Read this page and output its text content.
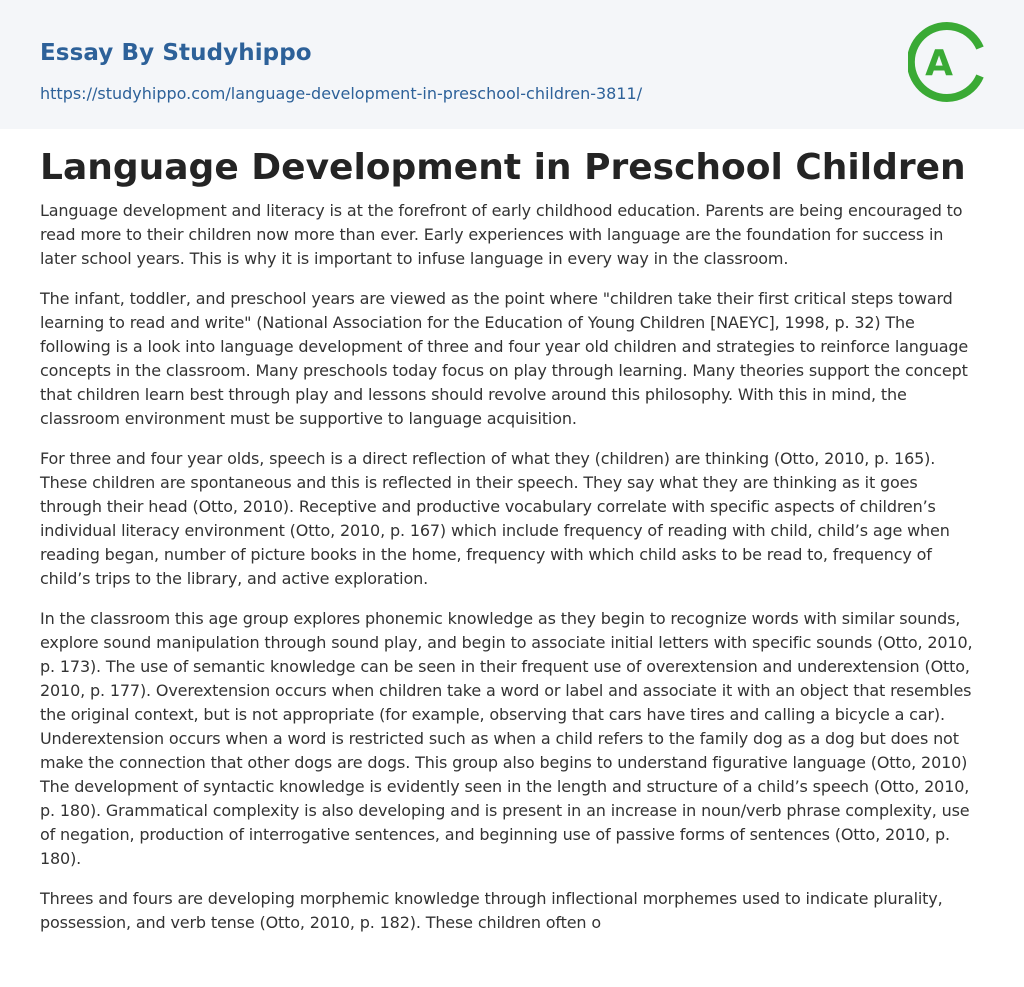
Essay By Studyhippo
https://studyhippo.com/language-development-in-preschool-children-3811/
A
Language Development in Preschool Children

Language development and literacy is at the forefront of early childhood education. Parents are being encouraged to read more to their children now more than ever. Early experiences with language are the foundation for success in later school years. This is why it is important to infuse language in every way in the classroom.

The infant, toddler, and preschool years are viewed as the point where "children take their first critical steps toward learning to read and write" (National Association for the Education of Young Children [NAEYC], 1998, p. 32) The following is a look into language development of three and four year old children and strategies to reinforce language concepts in the classroom. Many preschools today focus on play through learning. Many theories support the concept that children learn best through play and lessons should revolve around this philosophy. With this in mind, the classroom environment must be supportive to language acquisition.

For three and four year olds, speech is a direct reflection of what they (children) are thinking (Otto, 2010, p. 165). These children are spontaneous and this is reflected in their speech. They say what they are thinking as it goes through their head (Otto, 2010). Receptive and productive vocabulary correlate with specific aspects of children’s individual literacy environment (Otto, 2010, p. 167) which include frequency of reading with child, child’s age when reading began, number of picture books in the home, frequency with which child asks to be read to, frequency of child’s trips to the library, and active exploration.

In the classroom this age group explores phonemic knowledge as they begin to recognize words with similar sounds, explore sound manipulation through sound play, and begin to associate initial letters with specific sounds (Otto, 2010, p. 173). The use of semantic knowledge can be seen in their frequent use of overextension and underextension (Otto, 2010, p. 177). Overextension occurs when children take a word or label and associate it with an object that resembles the original context, but is not appropriate (for example, observing that cars have tires and calling a bicycle a car). Underextension occurs when a word is restricted such as when a child refers to the family dog as a dog but does not make the connection that other dogs are dogs. This group also begins to understand figurative language (Otto, 2010) The development of syntactic knowledge is evidently seen in the length and structure of a child’s speech (Otto, 2010, p. 180). Grammatical complexity is also developing and is present in an increase in noun/verb phrase complexity, use of negation, production of interrogative sentences, and beginning use of passive forms of sentences (Otto, 2010, p. 180).

Threes and fours are developing morphemic knowledge through inflectional morphemes used to indicate plurality, possession, and verb tense (Otto, 2010, p. 182). These children often o
